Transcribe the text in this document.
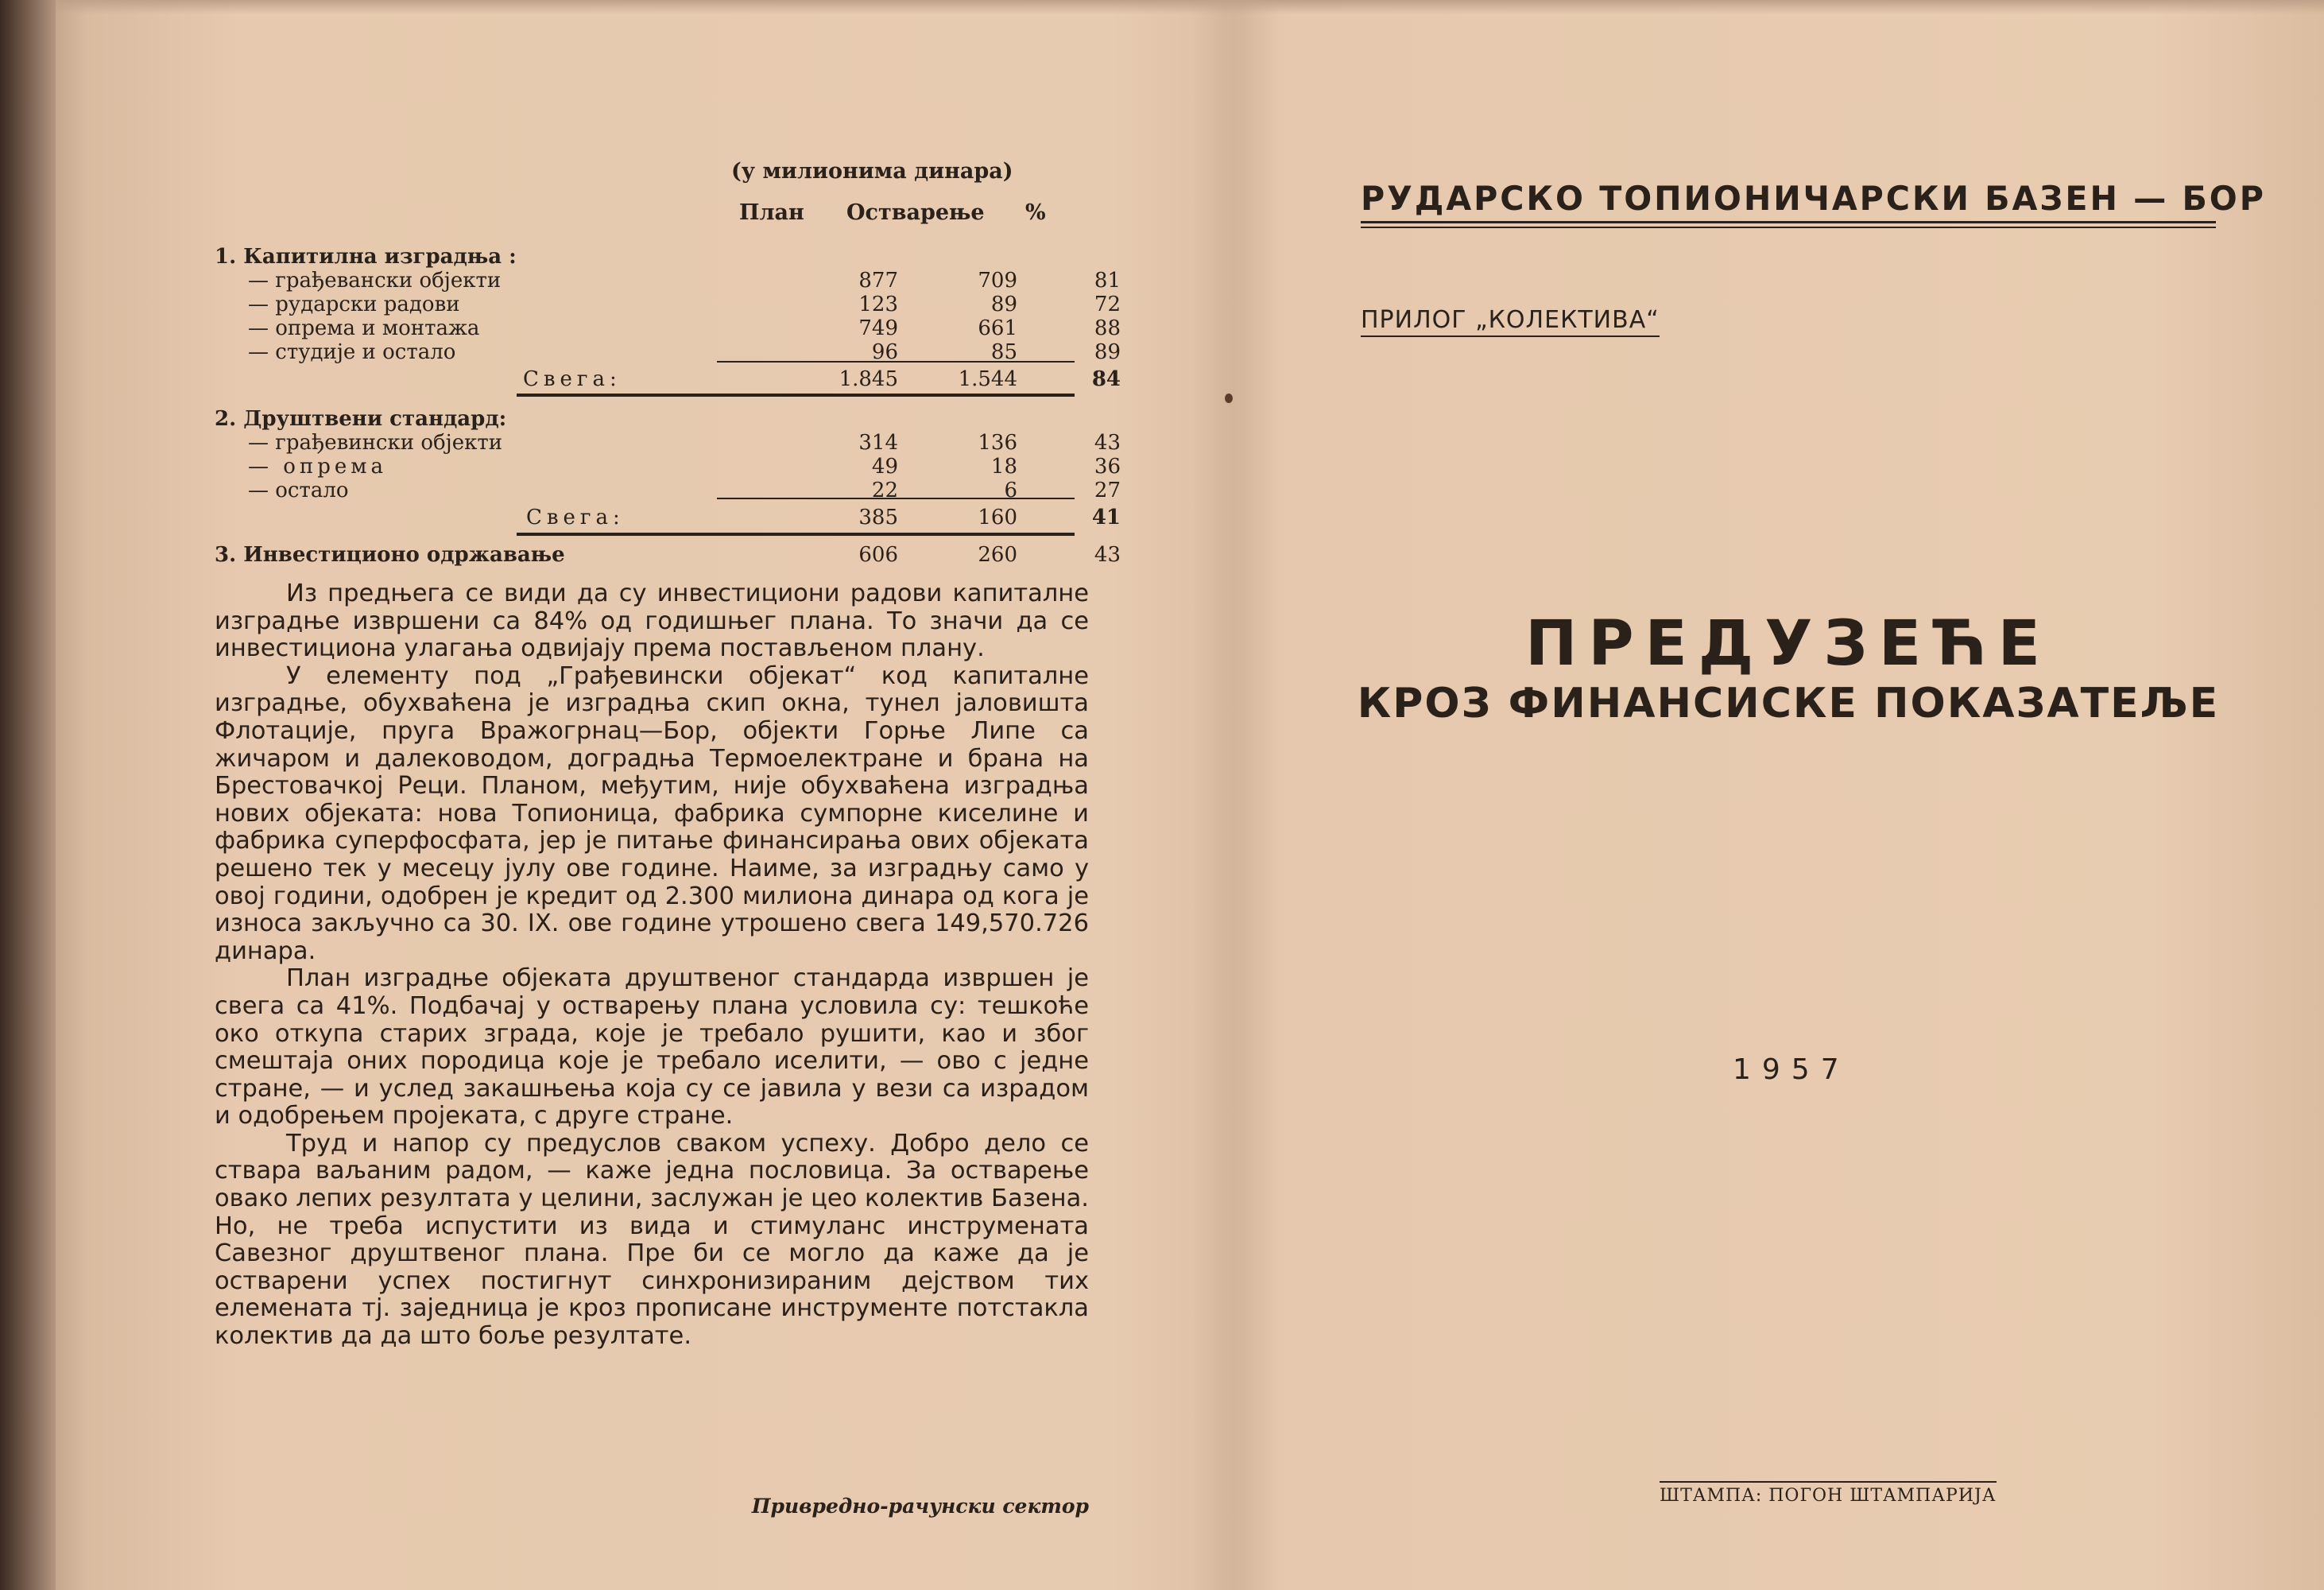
(у милионима динара)
План Остварење %
1. Капитилна изградња :
— грађевански објекти	877	709	81
— рударски радови	123	89	72
— опрема и монтажа	749	661	88
— студије и остало	96	85	89
Свега:	1.845	1.544	84
2. Друштвени стандард:
— грађевински објекти	314	136	43
— опрема	49	18	36
— остало	22	6	27
Свега:	385	160	41
3. Инвестиционо одржавање	606	260	43

Из предњега се види да су инвестициони радови капиталне изградње извршени са 84% од годишњег плана. То значи да се инвестициона улагања одвијају према постављеном плану.

У елементу под „Грађевински објекат“ код капиталне изградње, обухваћена је изградња скип окна, тунел јаловишта Флотације, пруга Вражогрнац—Бор, објекти Горње Липе са жичаром и далеководом, доградња Термоелектране и брана на Брестовачкој Реци. Планом, међутим, није обухваћена изградња нових објеката: нова Топионица, фабрика сумпорне киселине и фабрика суперфосфата, јер је питање финансирања ових објеката решено тек у месецу јулу ове године. Наиме, за изградњу само у овој години, одобрен је кредит од 2.300 милиона динара од кога је износа закључно са 30. IX. ове године утрошено свега 149,570.726 динара.

План изградње објеката друштвеног стандарда извршен је свега са 41%. Подбачај у остварењу плана условила су: тешкоће око откупа старих зграда, које је требало рушити, као и због смештаја оних породица које је требало иселити, — ово с једне стране, — и услед закашњења која су се јавила у вези са израдом и одобрењем пројеката, с друге стране.

Труд и напор су предуслов сваком успеху. Добро дело се ствара ваљаним радом, — каже једна пословица. За остварење овако лепих резултата у целини, заслужан је цео колектив Базена. Но, не треба испустити из вида и стимуланс инструмената Савезног друштвеног плана. Пре би се могло да каже да је остварени успех постигнут синхронизираним дејством тих елемената тј. заједница је кроз прописане инструменте потстакла колектив да да што боље резултате.

Привредно-рачунски сектор
РУДАРСКО ТОПИОНИЧАРСКИ БАЗЕН — БОР
ПРИЛОГ „КОЛЕКТИВА“
ПРЕДУЗЕЋЕ
КРОЗ ФИНАНСИСКЕ ПОКАЗАТЕЉЕ
1957
ШТАМПА: ПОГОН ШТАМПАРИЈА
